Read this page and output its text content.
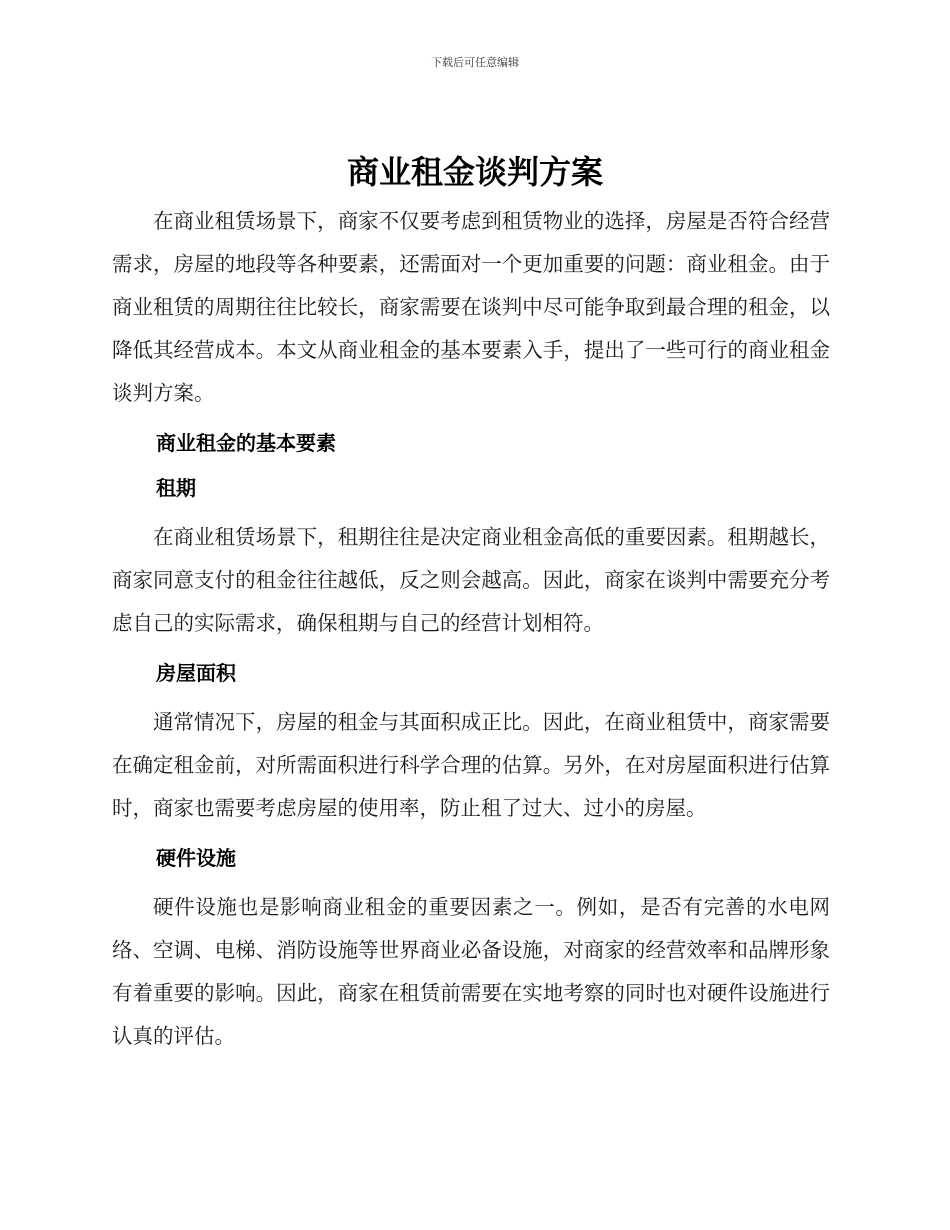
下载后可任意编辑
商业租金谈判方案

在商业租赁场景下，商家不仅要考虑到租赁物业的选择，房屋是否符合经营需求，房屋的地段等各种要素，还需面对一个更加重要的问题：商业租金。由于商业租赁的周期往往比较长，商家需要在谈判中尽可能争取到最合理的租金，以降低其经营成本。本文从商业租金的基本要素入手，提出了一些可行的商业租金谈判方案。

商业租金的基本要素
租期

在商业租赁场景下，租期往往是决定商业租金高低的重要因素。租期越长，商家同意支付的租金往往越低，反之则会越高。因此，商家在谈判中需要充分考虑自己的实际需求，确保租期与自己的经营计划相符。

房屋面积

通常情况下，房屋的租金与其面积成正比。因此，在商业租赁中，商家需要在确定租金前，对所需面积进行科学合理的估算。另外，在对房屋面积进行估算时，商家也需要考虑房屋的使用率，防止租了过大、过小的房屋。

硬件设施

硬件设施也是影响商业租金的重要因素之一。例如，是否有完善的水电网络、空调、电梯、消防设施等世界商业必备设施，对商家的经营效率和品牌形象有着重要的影响。因此，商家在租赁前需要在实地考察的同时也对硬件设施进行认真的评估。
